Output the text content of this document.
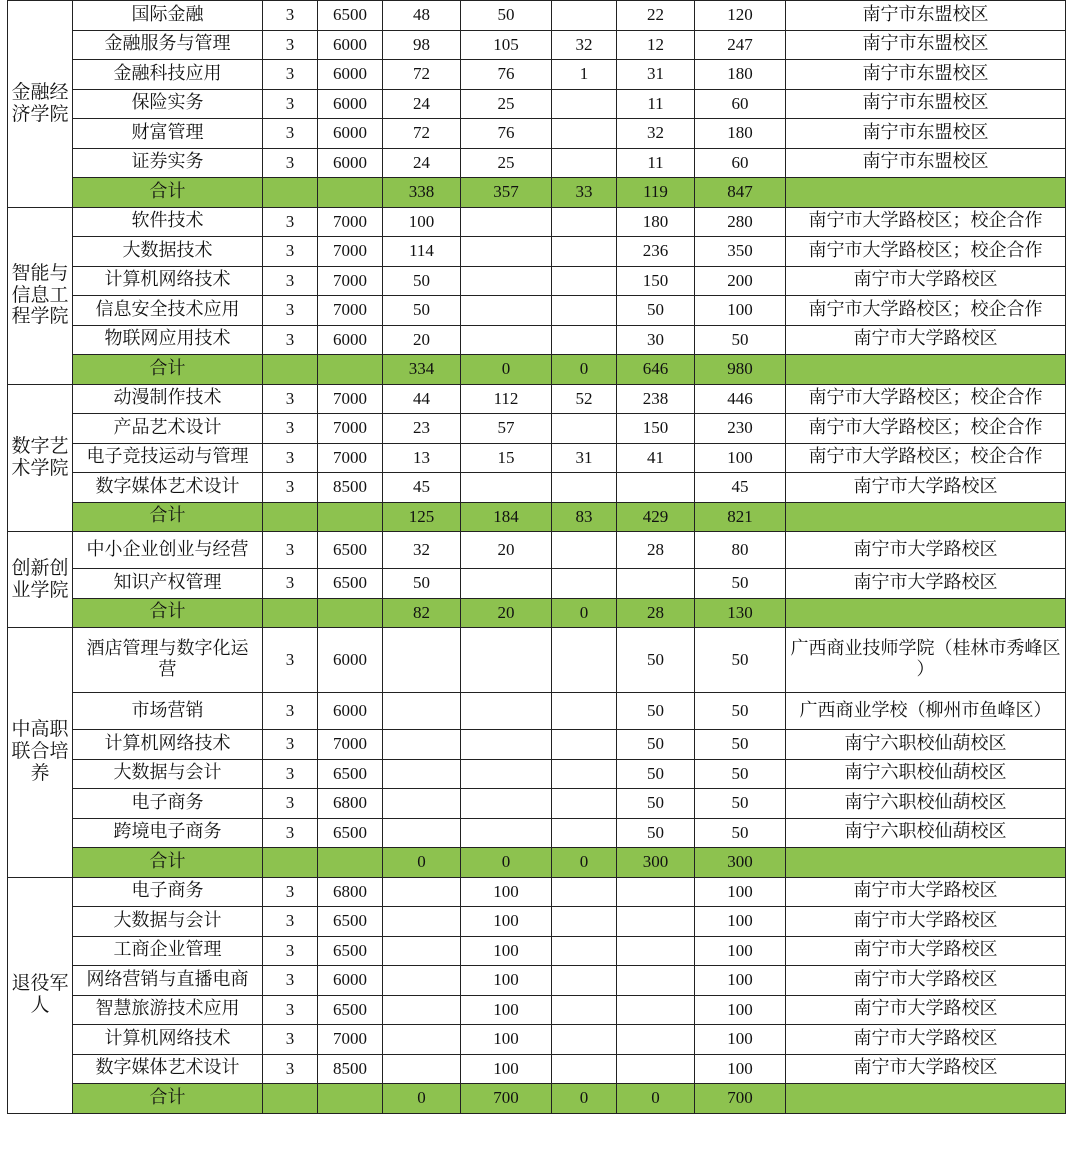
金融经
济学院	国际金融	3	6500	48	50		22	120	南宁市东盟校区
	金融服务与管理	3	6000	98	105	32	12	247	南宁市东盟校区
	金融科技应用	3	6000	72	76	1	31	180	南宁市东盟校区
	保险实务	3	6000	24	25		11	60	南宁市东盟校区
	财富管理	3	6000	72	76		32	180	南宁市东盟校区
	证券实务	3	6000	24	25		11	60	南宁市东盟校区
	合计			338	357	33	119	847	
智能与
信息工
程学院	软件技术	3	7000	100			180	280	南宁市大学路校区；校企合作
	大数据技术	3	7000	114			236	350	南宁市大学路校区；校企合作
	计算机网络技术	3	7000	50			150	200	南宁市大学路校区
	信息安全技术应用	3	7000	50			50	100	南宁市大学路校区；校企合作
	物联网应用技术	3	6000	20			30	50	南宁市大学路校区
	合计			334	0	0	646	980	
数字艺
术学院	动漫制作技术	3	7000	44	112	52	238	446	南宁市大学路校区；校企合作
	产品艺术设计	3	7000	23	57		150	230	南宁市大学路校区；校企合作
	电子竞技运动与管理	3	7000	13	15	31	41	100	南宁市大学路校区；校企合作
	数字媒体艺术设计	3	8500	45				45	南宁市大学路校区
	合计			125	184	83	429	821	
创新创
业学院	中小企业创业与经营	3	6500	32	20		28	80	南宁市大学路校区
	知识产权管理	3	6500	50				50	南宁市大学路校区
	合计			82	20	0	28	130	
中高职
联合培
养	酒店管理与数字化运
营	3	6000				50	50	广西商业技师学院（桂林市秀峰区
）
	市场营销	3	6000				50	50	广西商业学校（柳州市鱼峰区）
	计算机网络技术	3	7000				50	50	南宁六职校仙葫校区
	大数据与会计	3	6500				50	50	南宁六职校仙葫校区
	电子商务	3	6800				50	50	南宁六职校仙葫校区
	跨境电子商务	3	6500				50	50	南宁六职校仙葫校区
	合计			0	0	0	300	300	
退役军
人	电子商务	3	6800		100			100	南宁市大学路校区
	大数据与会计	3	6500		100			100	南宁市大学路校区
	工商企业管理	3	6500		100			100	南宁市大学路校区
	网络营销与直播电商	3	6000		100			100	南宁市大学路校区
	智慧旅游技术应用	3	6500		100			100	南宁市大学路校区
	计算机网络技术	3	7000		100			100	南宁市大学路校区
	数字媒体艺术设计	3	8500		100			100	南宁市大学路校区
	合计			0	700	0	0	700	
